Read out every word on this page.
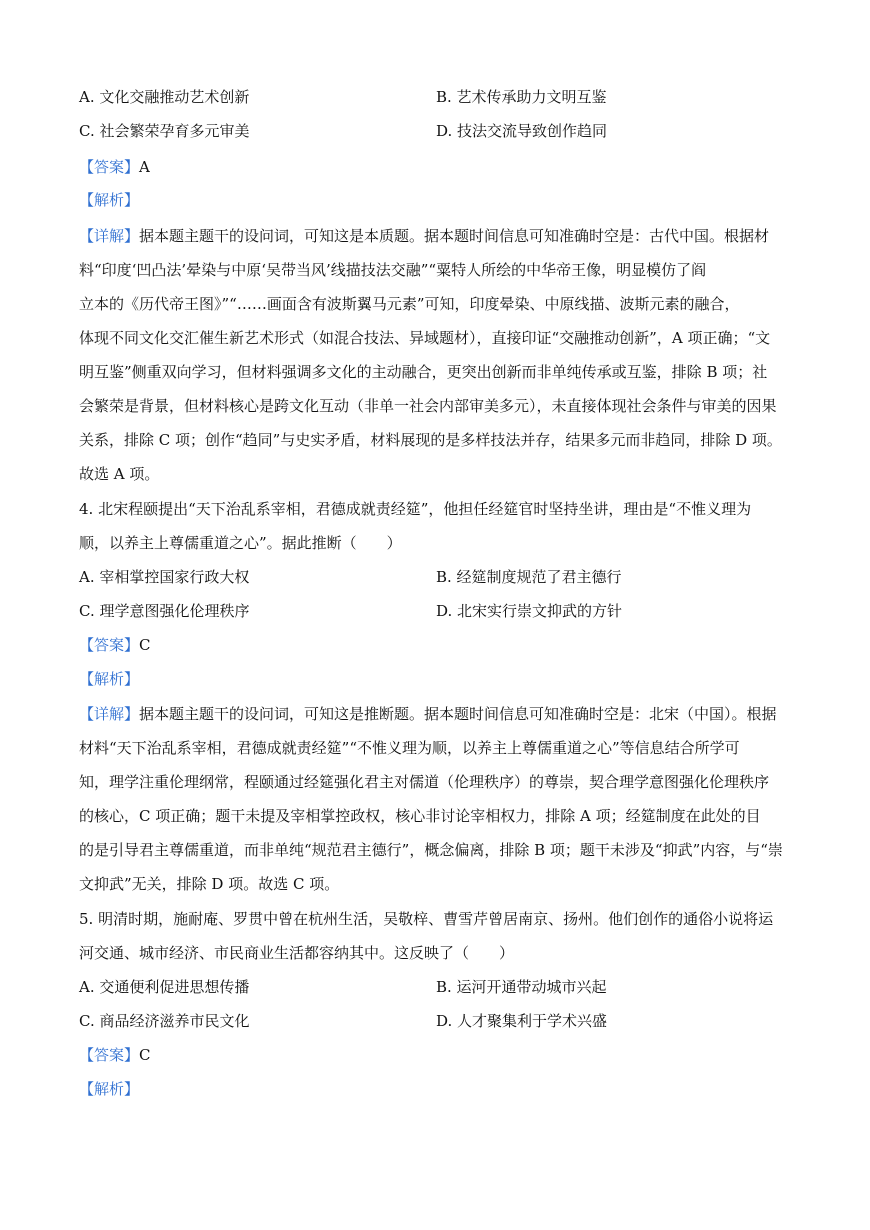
A. 文化交融推动艺术创新	B. 艺术传承助力文明互鉴
C. 社会繁荣孕育多元审美	D. 技法交流导致创作趋同
【答案】A
【解析】
【详解】据本题主题干的设问词，可知这是本质题。据本题时间信息可知准确时空是：古代中国。根据材
料“印度‘凹凸法’晕染与中原‘吴带当风’线描技法交融”“粟特人所绘的中华帝王像，明显模仿了阎
立本的《历代帝王图》”“……画面含有波斯翼马元素”可知，印度晕染、中原线描、波斯元素的融合，
体现不同文化交汇催生新艺术形式（如混合技法、异域题材），直接印证“交融推动创新”，A 项正确；“文
明互鉴”侧重双向学习，但材料强调多文化的主动融合，更突出创新而非单纯传承或互鉴，排除 B 项；社
会繁荣是背景，但材料核心是跨文化互动（非单一社会内部审美多元），未直接体现社会条件与审美的因果
关系，排除 C 项；创作“趋同”与史实矛盾，材料展现的是多样技法并存，结果多元而非趋同，排除 D 项。
故选 A 项。
4. 北宋程颐提出“天下治乱系宰相，君德成就责经筵”，他担任经筵官时坚持坐讲，理由是“不惟义理为
顺，以养主上尊儒重道之心”。据此推断（　　）
A. 宰相掌控国家行政大权	B. 经筵制度规范了君主德行
C. 理学意图强化伦理秩序	D. 北宋实行崇文抑武的方针
【答案】C
【解析】
【详解】据本题主题干的设问词，可知这是推断题。据本题时间信息可知准确时空是：北宋（中国）。根据
材料“天下治乱系宰相，君德成就责经筵”“不惟义理为顺，以养主上尊儒重道之心”等信息结合所学可
知，理学注重伦理纲常，程颐通过经筵强化君主对儒道（伦理秩序）的尊崇，契合理学意图强化伦理秩序
的核心，C 项正确；题干未提及宰相掌控政权，核心非讨论宰相权力，排除 A 项；经筵制度在此处的目
的是引导君主尊儒重道，而非单纯“规范君主德行”，概念偏离，排除 B 项；题干未涉及“抑武”内容，与“崇
文抑武”无关，排除 D 项。故选 C 项。
5. 明清时期，施耐庵、罗贯中曾在杭州生活，吴敬梓、曹雪芹曾居南京、扬州。他们创作的通俗小说将运
河交通、城市经济、市民商业生活都容纳其中。这反映了（　　）
A. 交通便利促进思想传播	B. 运河开通带动城市兴起
C. 商品经济滋养市民文化	D. 人才聚集利于学术兴盛
【答案】C
【解析】
